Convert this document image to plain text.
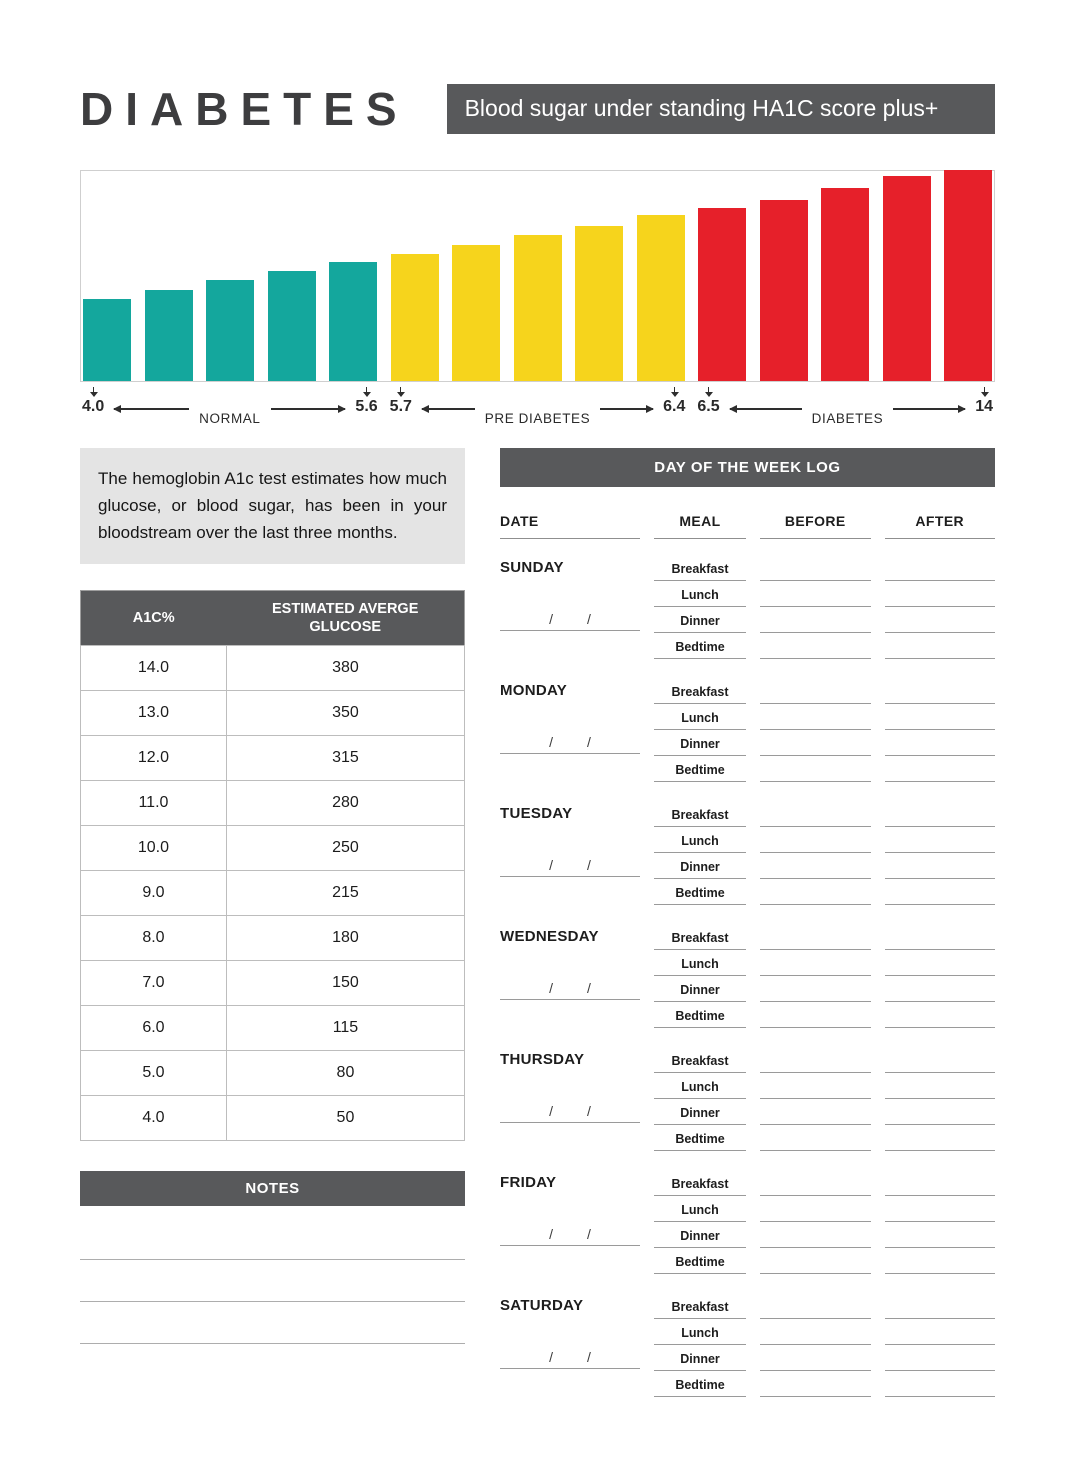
DIABETES	Blood sugar under standing HA1C score plus+
4.0
NORMAL
5.6 5.7
PRE DIABETES
6.4 6.5
DIABETES
14
The hemoglobin A1c test estimates how much glucose, or blood sugar, has been in your bloodstream over the last three months.
A1C%	ESTIMATED AVERGE GLUCOSE
14.0	380
13.0	350
12.0	315
11.0	280
10.0	250
9.0	215
8.0	180
7.0	150
6.0	115
5.0	80
4.0	50
NOTES
DAY OF THE WEEK LOG
DATE	MEAL	BEFORE	AFTER
SUNDAY
/ /
Breakfast
Lunch
Dinner
Bedtime
MONDAY
/ /
Breakfast
Lunch
Dinner
Bedtime
TUESDAY
/ /
Breakfast
Lunch
Dinner
Bedtime
WEDNESDAY
/ /
Breakfast
Lunch
Dinner
Bedtime
THURSDAY
/ /
Breakfast
Lunch
Dinner
Bedtime
FRIDAY
/ /
Breakfast
Lunch
Dinner
Bedtime
SATURDAY
/ /
Breakfast
Lunch
Dinner
Bedtime
